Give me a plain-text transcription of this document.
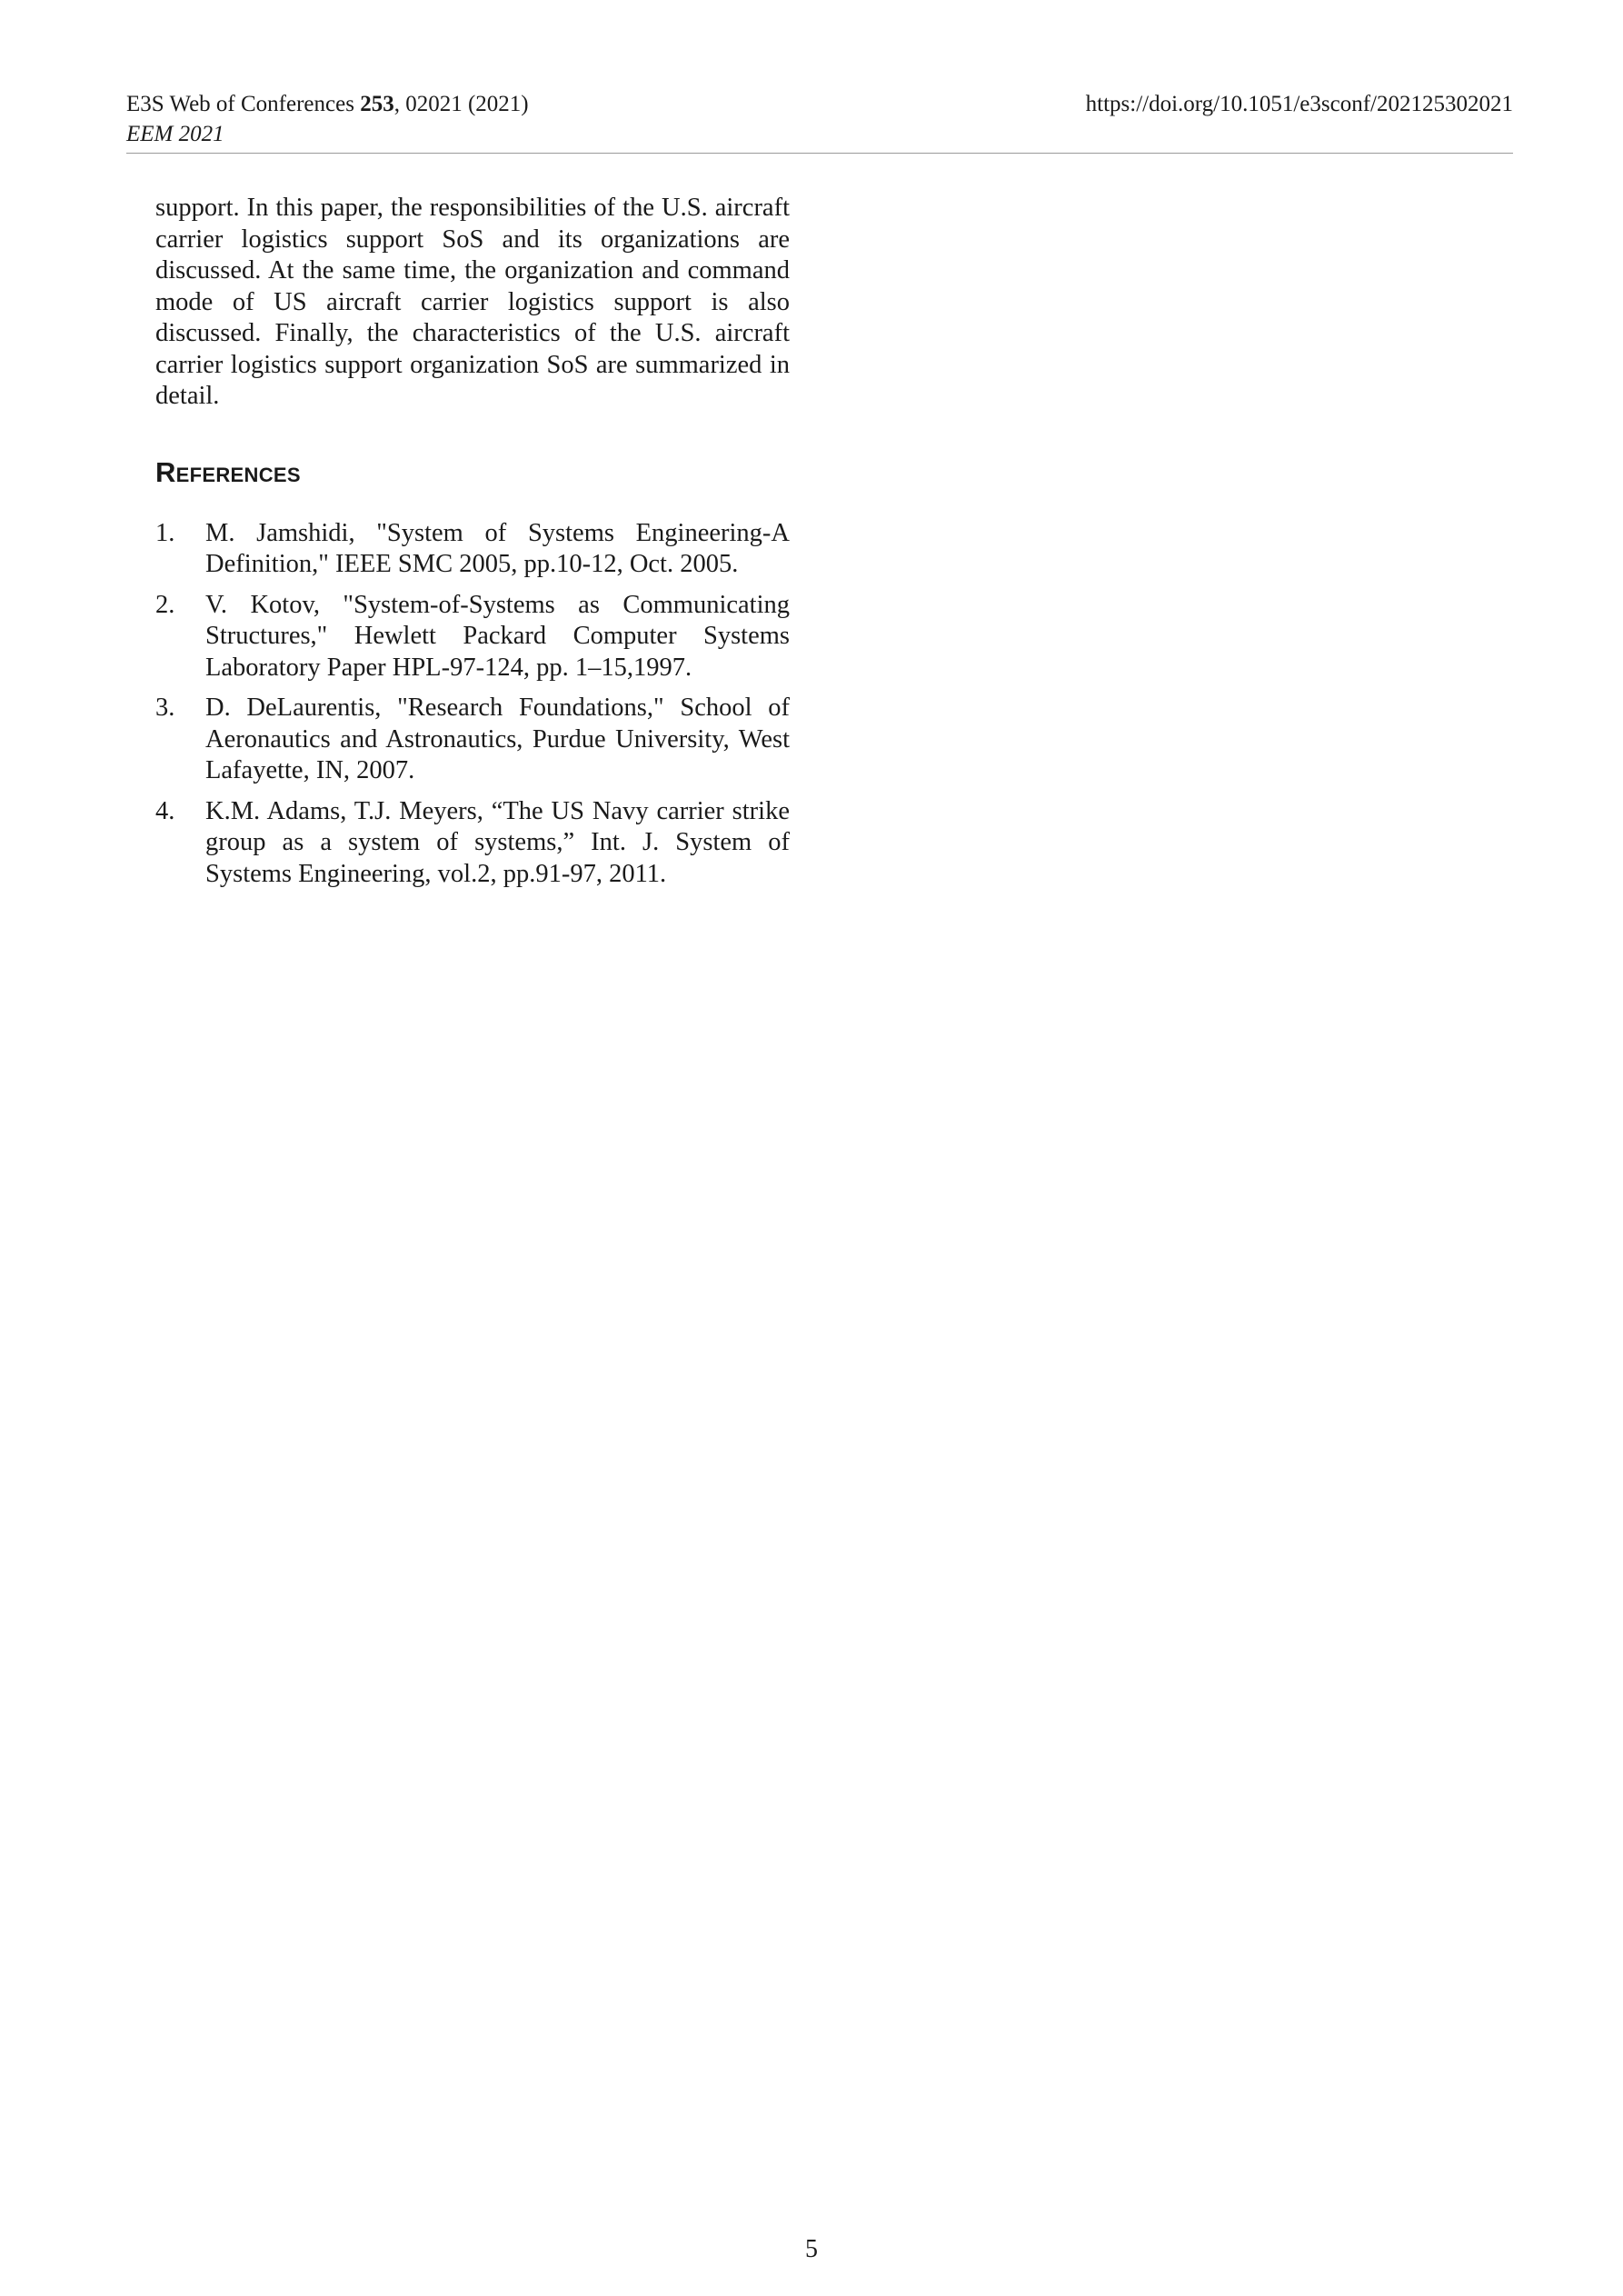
E3S Web of Conferences 253, 02021 (2021)
EEM 2021
https://doi.org/10.1051/e3sconf/202125302021

support. In this paper, the responsibilities of the U.S. aircraft carrier logistics support SoS and its organizations are discussed. At the same time, the organization and command mode of US aircraft carrier logistics support is also discussed. Finally, the characteristics of the U.S. aircraft carrier logistics support organization SoS are summarized in detail.

References
1. M. Jamshidi, "System of Systems Engineering-A Definition," IEEE SMC 2005, pp.10-12, Oct. 2005.
2. V. Kotov, "System-of-Systems as Communicating Structures," Hewlett Packard Computer Systems Laboratory Paper HPL-97-124, pp. 1–15,1997.
3. D. DeLaurentis, "Research Foundations," School of Aeronautics and Astronautics, Purdue University, West Lafayette, IN, 2007.
4. K.M. Adams, T.J. Meyers, “The US Navy carrier strike group as a system of systems,” Int. J. System of Systems Engineering, vol.2, pp.91-97, 2011.
5
